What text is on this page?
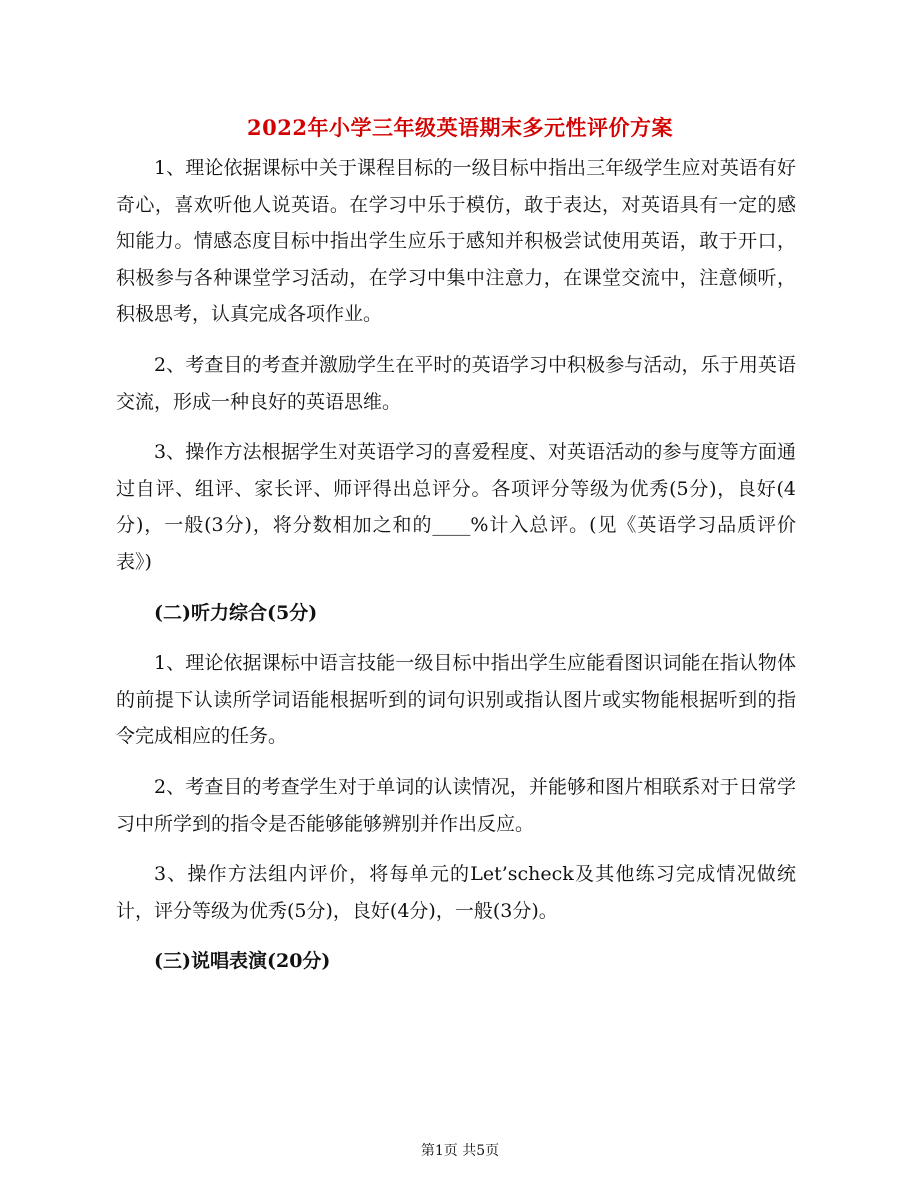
2022年小学三年级英语期末多元性评价方案

1、理论依据课标中关于课程目标的一级目标中指出三年级学生应对英语有好奇心，喜欢听他人说英语。在学习中乐于模仿，敢于表达，对英语具有一定的感知能力。情感态度目标中指出学生应乐于感知并积极尝试使用英语，敢于开口，积极参与各种课堂学习活动，在学习中集中注意力，在课堂交流中，注意倾听，积极思考，认真完成各项作业。

2、考查目的考查并激励学生在平时的英语学习中积极参与活动，乐于用英语交流，形成一种良好的英语思维。

3、操作方法根据学生对英语学习的喜爱程度、对英语活动的参与度等方面通过自评、组评、家长评、师评得出总评分。各项评分等级为优秀(5分)，良好(4分)，一般(3分)，将分数相加之和的____%计入总评。(见《英语学习品质评价表》)

(二)听力综合(5分)

1、理论依据课标中语言技能一级目标中指出学生应能看图识词能在指认物体的前提下认读所学词语能根据听到的词句识别或指认图片或实物能根据听到的指令完成相应的任务。

2、考查目的考查学生对于单词的认读情况，并能够和图片相联系对于日常学习中所学到的指令是否能够能够辨别并作出反应。

3、操作方法组内评价，将每单元的Let’scheck及其他练习完成情况做统计，评分等级为优秀(5分)，良好(4分)，一般(3分)。

(三)说唱表演(20分)

第1页 共5页
